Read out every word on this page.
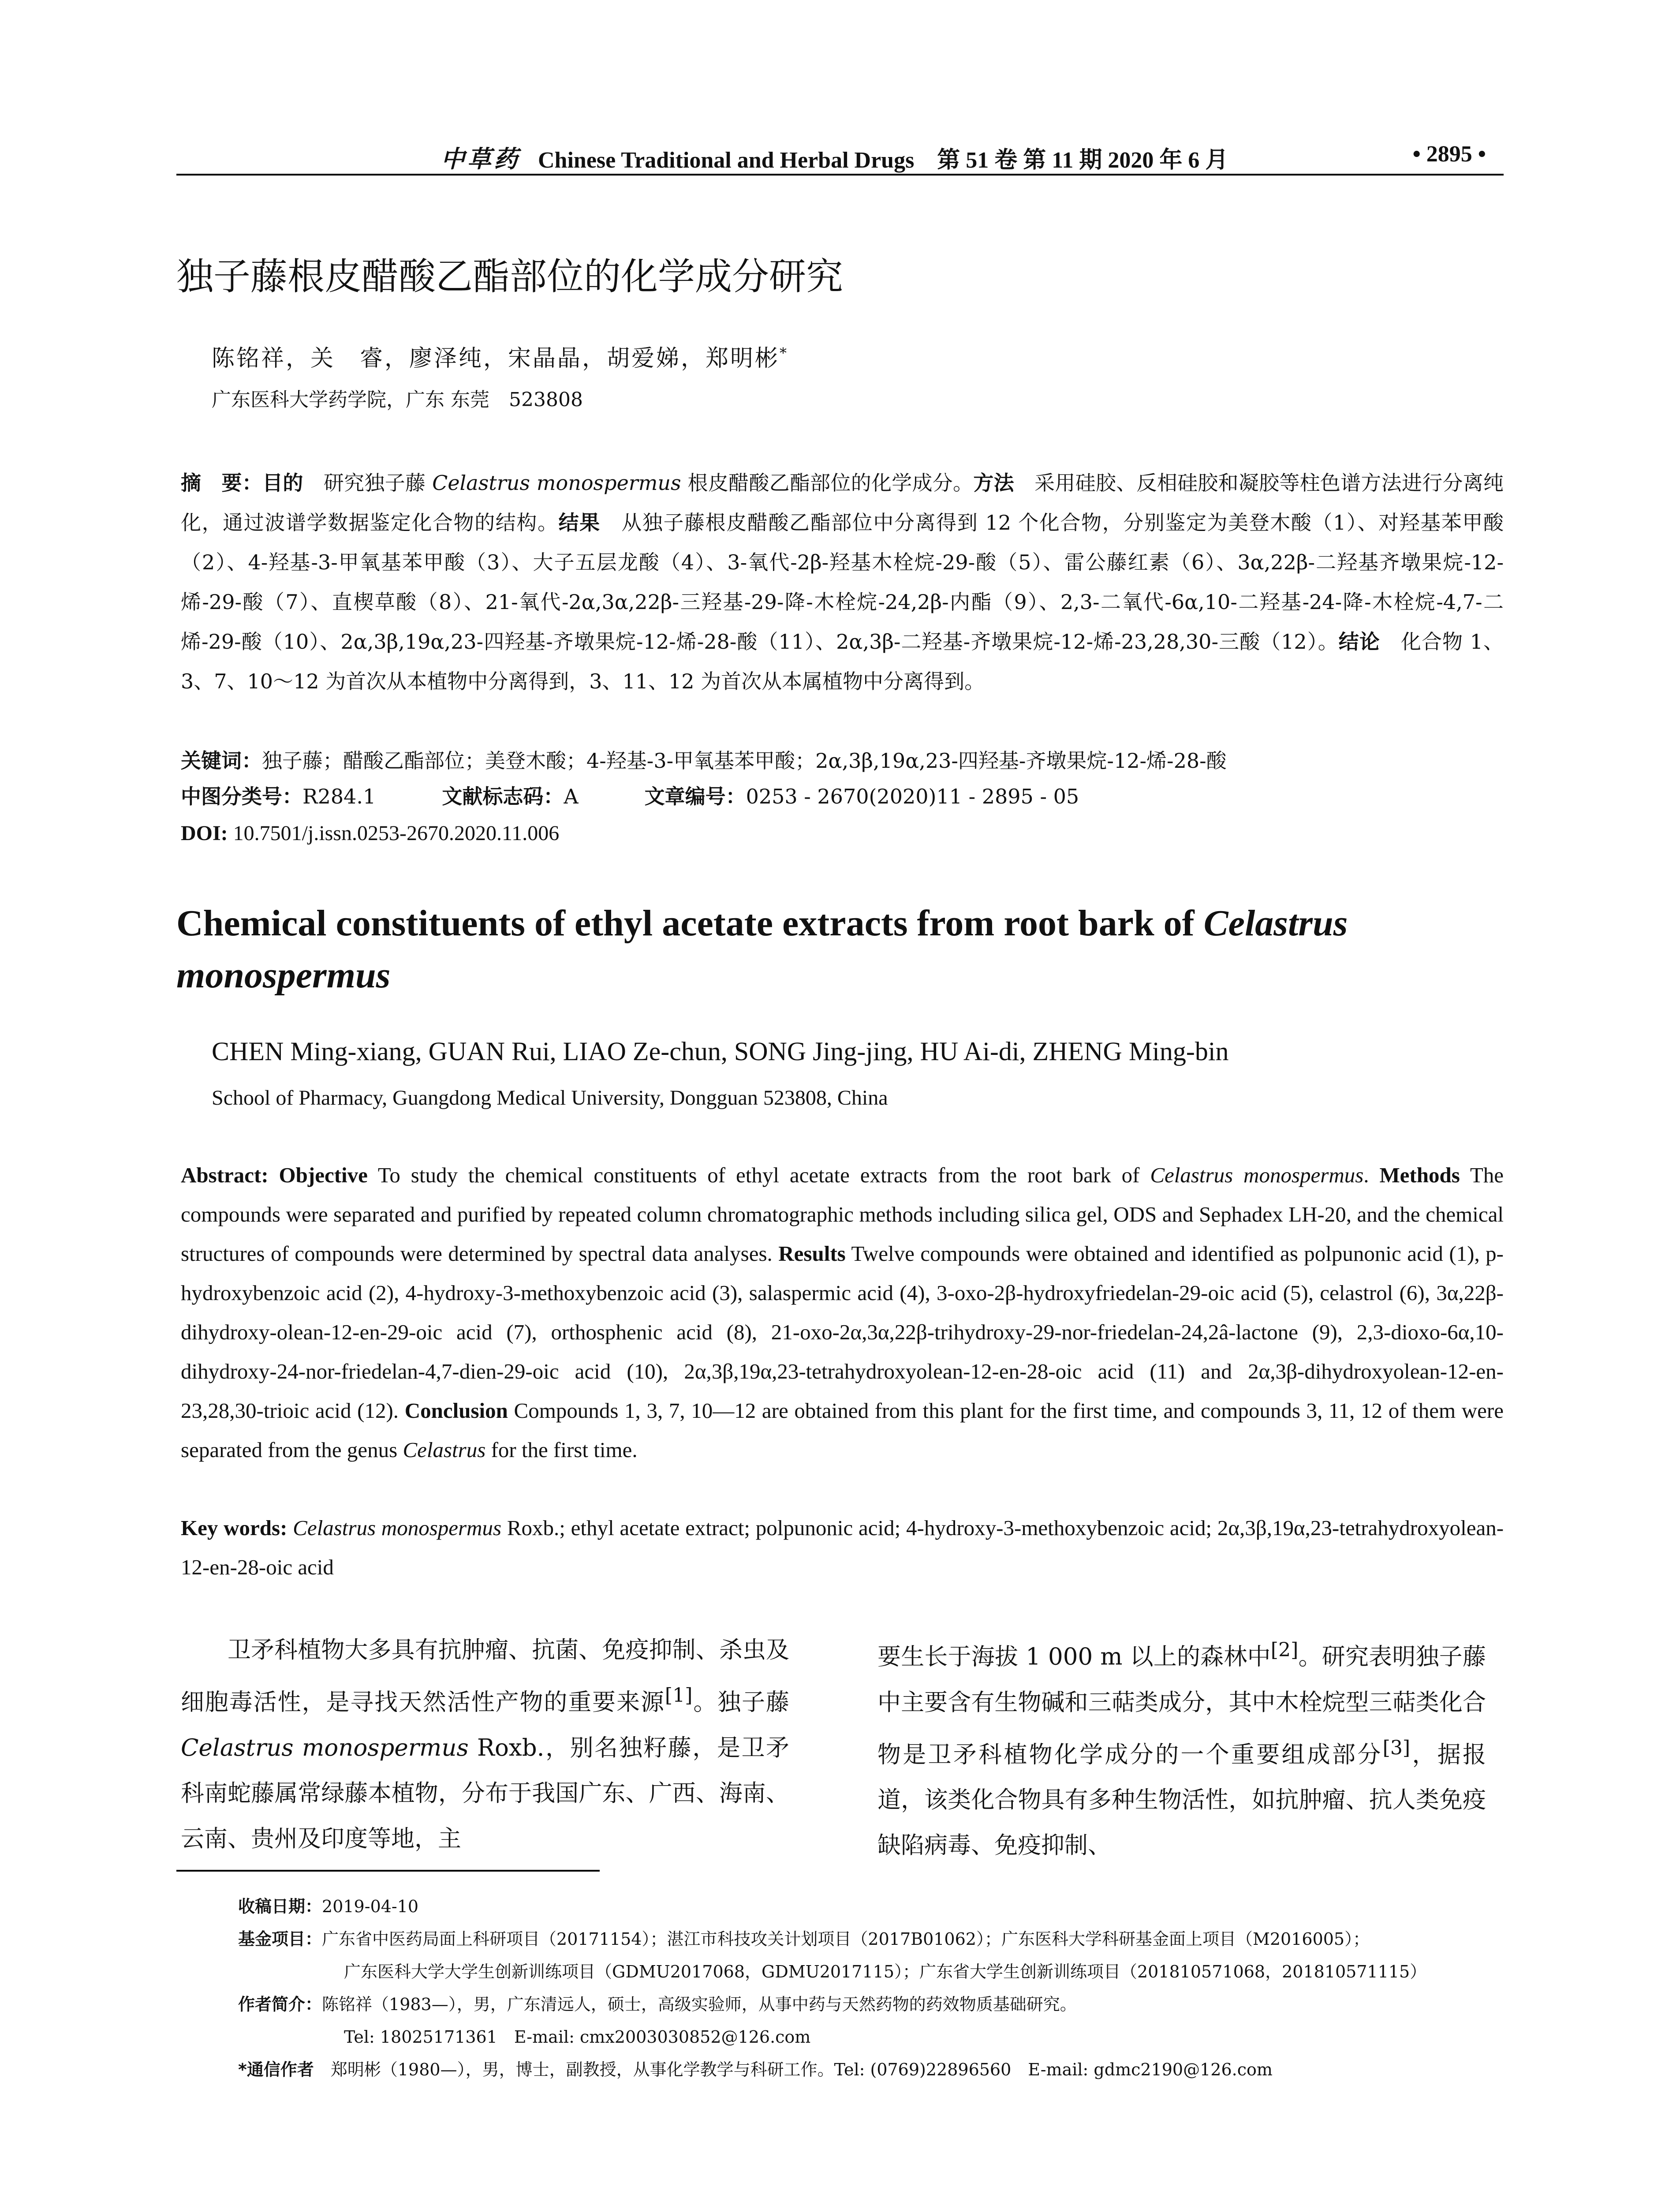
中草药 Chinese Traditional and Herbal Drugs　第 51 卷 第 11 期 2020 年 6 月	• 2895 •
独子藤根皮醋酸乙酯部位的化学成分研究
陈铭祥，关　睿，廖泽纯，宋晶晶，胡爱娣，郑明彬*
广东医科大学药学院，广东 东莞　523808
摘　要：目的　研究独子藤 Celastrus monospermus 根皮醋酸乙酯部位的化学成分。方法　采用硅胶、反相硅胶和凝胶等柱色谱方法进行分离纯化，通过波谱学数据鉴定化合物的结构。结果　从独子藤根皮醋酸乙酯部位中分离得到 12 个化合物，分别鉴定为美登木酸（1）、对羟基苯甲酸（2）、4-羟基-3-甲氧基苯甲酸（3）、大子五层龙酸（4）、3-氧代-2β-羟基木栓烷-29-酸（5）、雷公藤红素（6）、3α,22β-二羟基齐墩果烷-12-烯-29-酸（7）、直楔草酸（8）、21-氧代-2α,3α,22β-三羟基-29-降-木栓烷-24,2β-内酯（9）、2,3-二氧代-6α,10-二羟基-24-降-木栓烷-4,7-二烯-29-酸（10）、2α,3β,19α,23-四羟基-齐墩果烷-12-烯-28-酸（11）、2α,3β-二羟基-齐墩果烷-12-烯-23,28,30-三酸（12）。结论　化合物 1、3、7、10～12 为首次从本植物中分离得到，3、11、12 为首次从本属植物中分离得到。
关键词：独子藤；醋酸乙酯部位；美登木酸；4-羟基-3-甲氧基苯甲酸；2α,3β,19α,23-四羟基-齐墩果烷-12-烯-28-酸
中图分类号：R284.1	文献标志码：A	文章编号：0253 - 2670(2020)11 - 2895 - 05
DOI: 10.7501/j.issn.0253-2670.2020.11.006
Chemical constituents of ethyl acetate extracts from root bark of Celastrus monospermus
CHEN Ming-xiang, GUAN Rui, LIAO Ze-chun, SONG Jing-jing, HU Ai-di, ZHENG Ming-bin
School of Pharmacy, Guangdong Medical University, Dongguan 523808, China
Abstract: Objective To study the chemical constituents of ethyl acetate extracts from the root bark of Celastrus monospermus. Methods The compounds were separated and purified by repeated column chromatographic methods including silica gel, ODS and Sephadex LH-20, and the chemical structures of compounds were determined by spectral data analyses. Results Twelve compounds were obtained and identified as polpunonic acid (1), p-hydroxybenzoic acid (2), 4-hydroxy-3-methoxybenzoic acid (3), salaspermic acid (4), 3-oxo-2β-hydroxyfriedelan-29-oic acid (5), celastrol (6), 3α,22β-dihydroxy-olean-12-en-29-oic acid (7), orthosphenic acid (8), 21-oxo-2α,3α,22β-trihydroxy-29-nor-friedelan-24,2â-lactone (9), 2,3-dioxo-6α,10-dihydroxy-24-nor-friedelan-4,7-dien-29-oic acid (10), 2α,3β,19α,23-tetrahydroxyolean-12-en-28-oic acid (11) and 2α,3β-dihydroxyolean-12-en-23,28,30-trioic acid (12). Conclusion Compounds 1, 3, 7, 10—12 are obtained from this plant for the first time, and compounds 3, 11, 12 of them were separated from the genus Celastrus for the first time.
Key words: Celastrus monospermus Roxb.; ethyl acetate extract; polpunonic acid; 4-hydroxy-3-methoxybenzoic acid; 2α,3β,19α,23-tetrahydroxyolean-12-en-28-oic acid
卫矛科植物大多具有抗肿瘤、抗菌、免疫抑制、杀虫及细胞毒活性，是寻找天然活性产物的重要来源[1]。独子藤 Celastrus monospermus Roxb.，别名独籽藤，是卫矛科南蛇藤属常绿藤本植物，分布于我国广东、广西、海南、云南、贵州及印度等地，主
要生长于海拔 1 000 m 以上的森林中[2]。研究表明独子藤中主要含有生物碱和三萜类成分，其中木栓烷型三萜类化合物是卫矛科植物化学成分的一个重要组成部分[3]，据报道，该类化合物具有多种生物活性，如抗肿瘤、抗人类免疫缺陷病毒、免疫抑制、
收稿日期：2019-04-10
基金项目：广东省中医药局面上科研项目（20171154）；湛江市科技攻关计划项目（2017B01062）；广东医科大学科研基金面上项目（M2016005）；
广东医科大学大学生创新训练项目（GDMU2017068，GDMU2017115）；广东省大学生创新训练项目（201810571068，201810571115）
作者简介：陈铭祥（1983—），男，广东清远人，硕士，高级实验师，从事中药与天然药物的药效物质基础研究。
Tel: 18025171361　E-mail: cmx2003030852@126.com
*通信作者　郑明彬（1980—），男，博士，副教授，从事化学教学与科研工作。Tel: (0769)22896560　E-mail: gdmc2190@126.com
